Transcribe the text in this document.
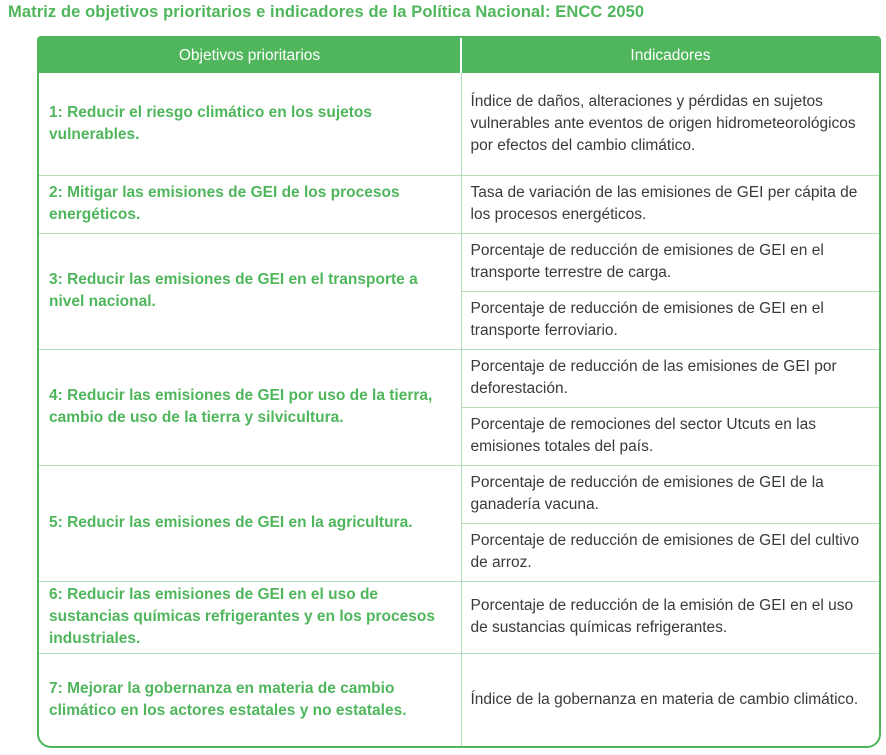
Matriz de objetivos prioritarios e indicadores de la Política Nacional: ENCC 2050
Objetivos prioritarios	Indicadores

1: Reducir el riesgo climático en los sujetos vulnerables.	Índice de daños, alteraciones y pérdidas en sujetos vulnerables ante eventos de origen hidrometeorológicos por efectos del cambio climático.

2: Mitigar las emisiones de GEI de los procesos energéticos.	Tasa de variación de las emisiones de GEI per cápita de los procesos energéticos.

3: Reducir las emisiones de GEI en el transporte a nivel nacional.	Porcentaje de reducción de emisiones de GEI en el transporte terrestre de carga.

	Porcentaje de reducción de emisiones de GEI en el transporte ferroviario.

4: Reducir las emisiones de GEI por uso de la tierra, cambio de uso de la tierra y silvicultura.	Porcentaje de reducción de las emisiones de GEI por deforestación.

	Porcentaje de remociones del sector Utcuts en las emisiones totales del país.

5: Reducir las emisiones de GEI en la agricultura.	Porcentaje de reducción de emisiones de GEI de la ganadería vacuna.

	Porcentaje de reducción de emisiones de GEI del cultivo de arroz.

6: Reducir las emisiones de GEI en el uso de sustancias químicas refrigerantes y en los procesos industriales.	Porcentaje de reducción de la emisión de GEI en el uso de sustancias químicas refrigerantes.

7: Mejorar la gobernanza en materia de cambio climático en los actores estatales y no estatales.	Índice de la gobernanza en materia de cambio climático.
